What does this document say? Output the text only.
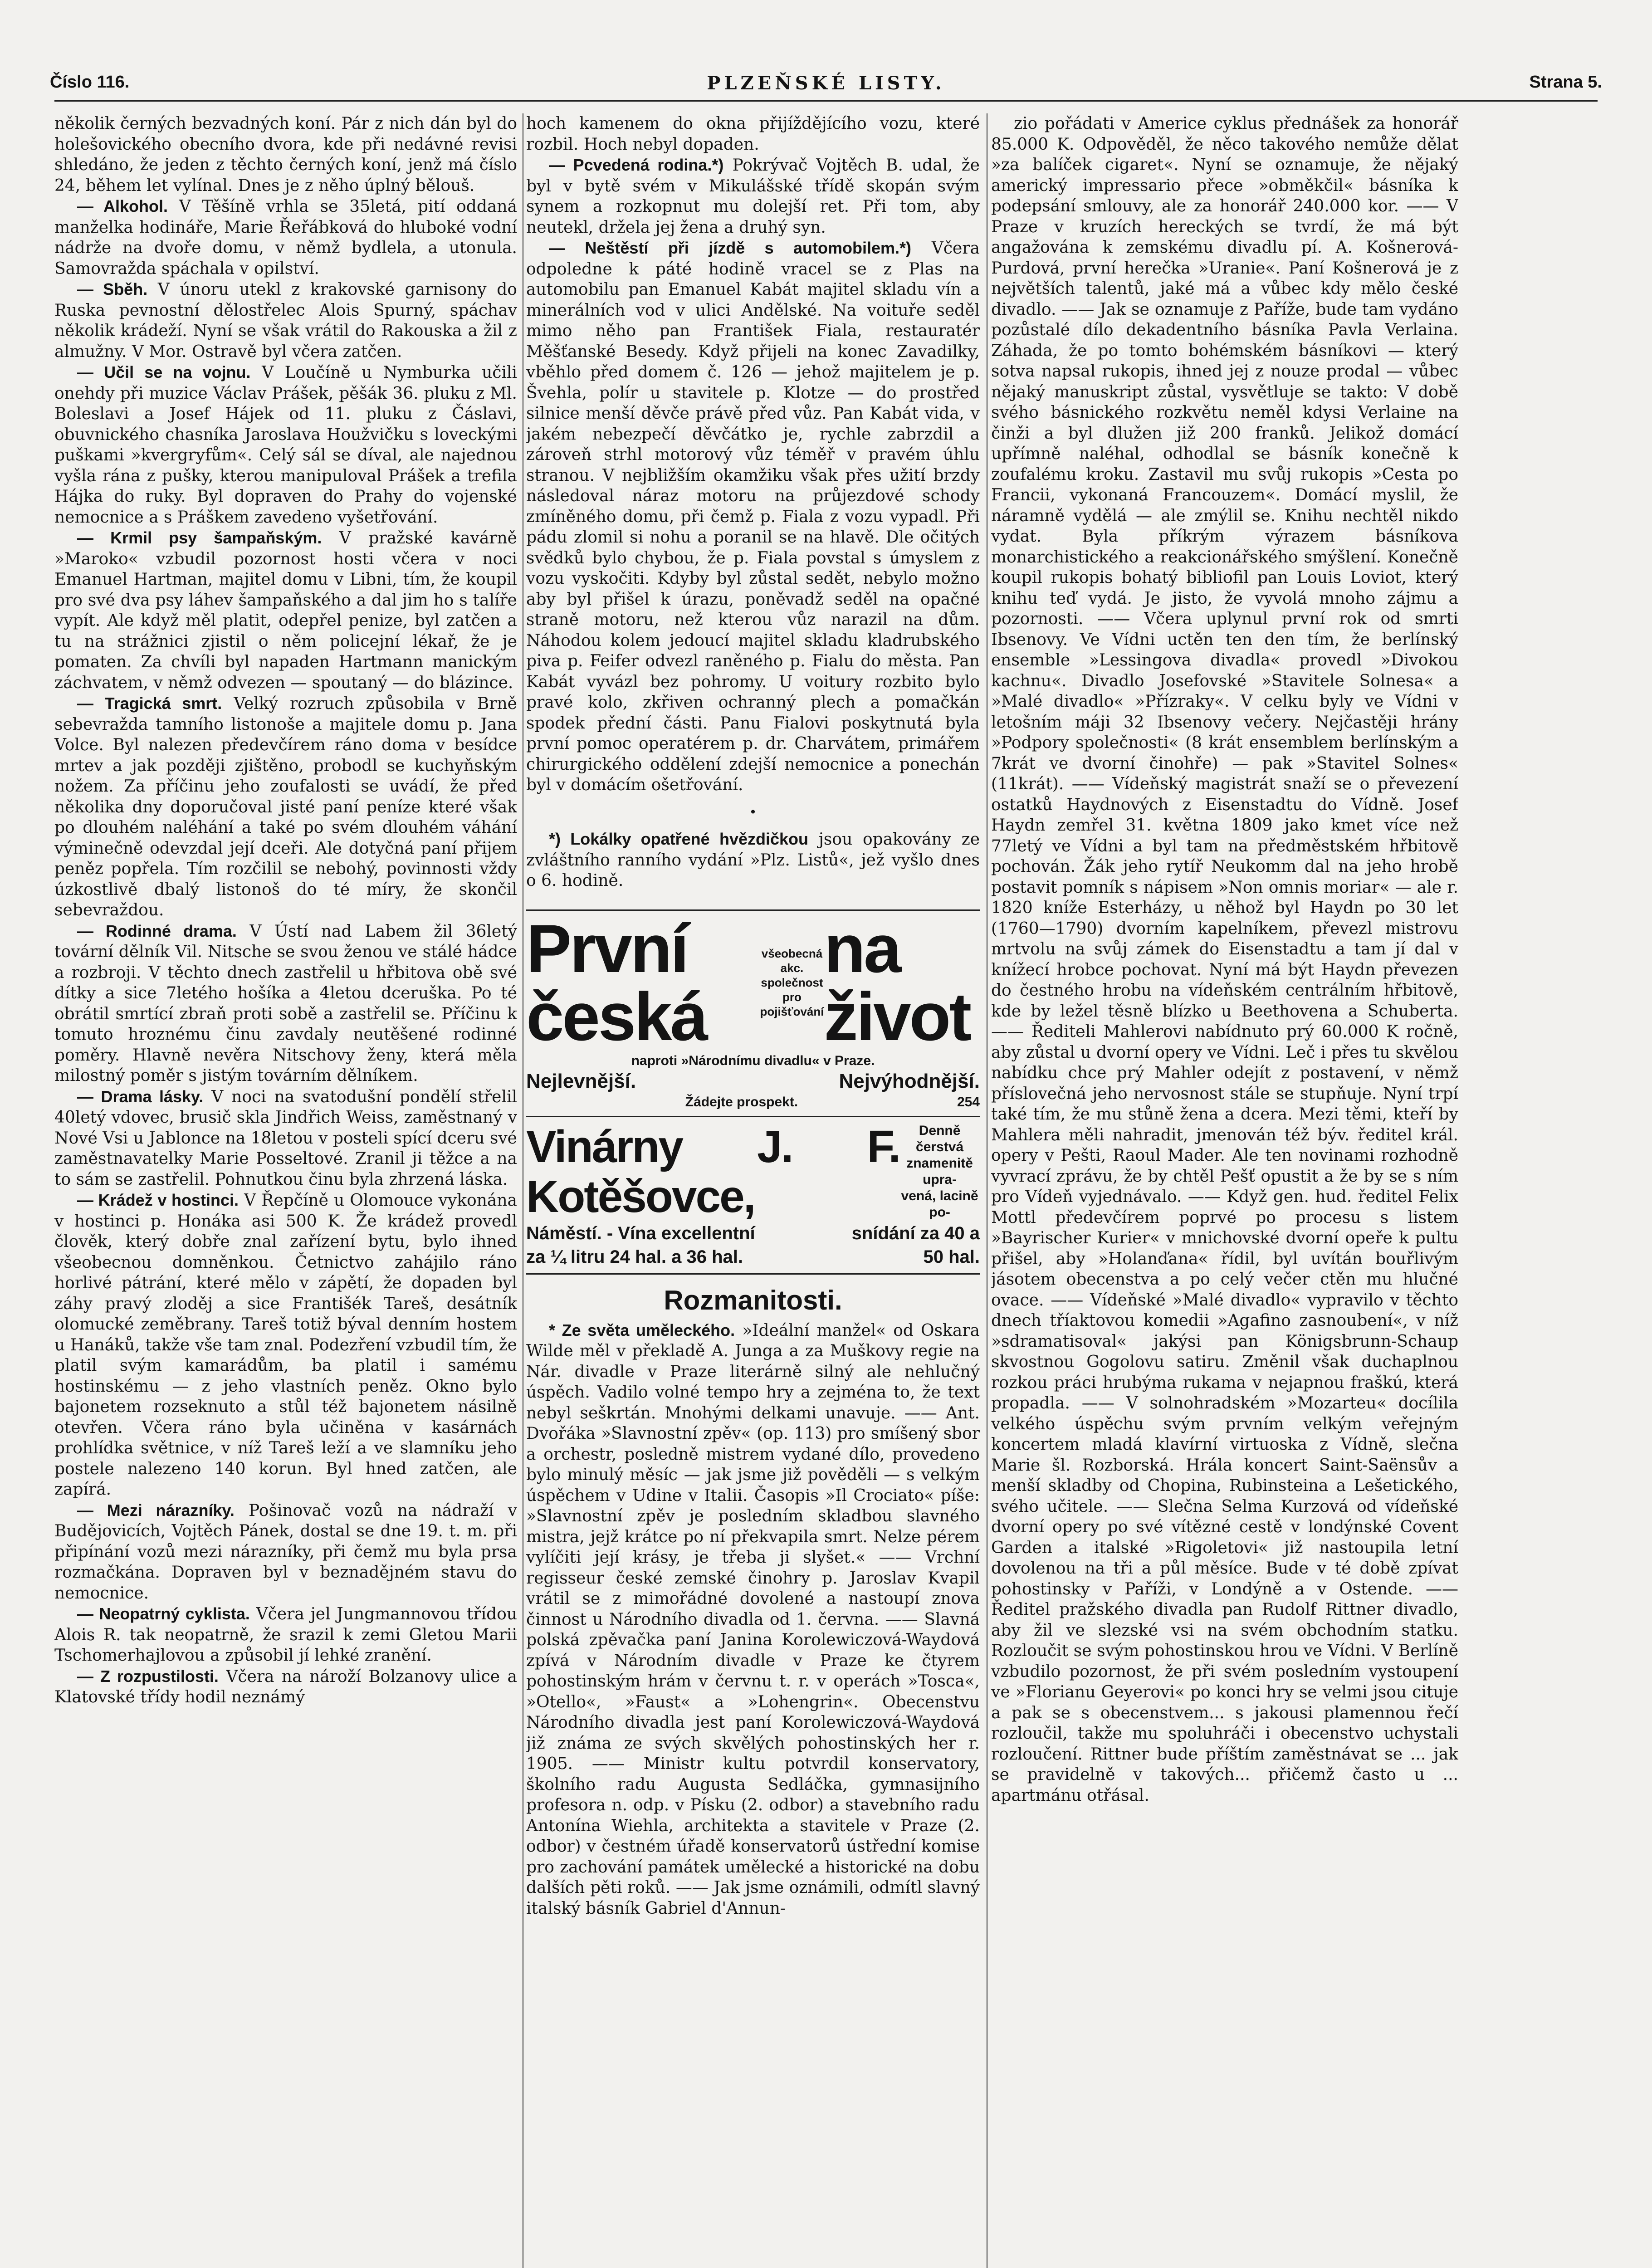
Číslo 116.	PLZEŇSKÉ LISTY.	Strana 5.

několik černých bezvadných koní. Pár z nich dán byl do holešovického obecního dvora, kde při nedávné revisi shledáno, že jeden z těchto černých koní, jenž má číslo 24, během let vylínal. Dnes je z něho úplný bělouš.

— Alkohol. V Těšíně vrhla se 35letá, pití oddaná manželka hodináře, Marie Řeřábková do hluboké vodní nádrže na dvoře domu, v němž bydlela, a utonula. Samovražda spáchala v opilství.

— Sběh. V únoru utekl z krakovské garnisony do Ruska pevnostní dělostřelec Alois Spurný, spáchav několik krádeží. Nyní se však vrátil do Rakouska a žil z almužny. V Mor. Ostravě byl včera zatčen.

— Učil se na vojnu. V Loučíně u Nymburka učili onehdy při muzice Václav Prášek, pěšák 36. pluku z Ml. Boleslavi a Josef Hájek od 11. pluku z Čáslavi, obuvnického chasníka Jaroslava Houžvičku s loveckými puškami »kvergryfům«. Celý sál se díval, ale najednou vyšla rána z pušky, kterou manipuloval Prášek a trefila Hájka do ruky. Byl dopraven do Prahy do vojenské nemocnice a s Práškem zavedeno vyšetřování.

— Krmil psy šampaňským. V pražské kavárně »Maroko« vzbudil pozornost hosti včera v noci Emanuel Hartman, majitel domu v Libni, tím, že koupil pro své dva psy láhev šampaňského a dal jim ho s talíře vypít. Ale když měl platit, odepřel penize, byl zatčen a tu na strážnici zjistil o něm policejní lékař, že je pomaten. Za chvíli byl napaden Hartmann manickým záchvatem, v němž odvezen — spoutaný — do blázince.

— Tragická smrt. Velký rozruch způsobila v Brně sebevražda tamního listonoše a majitele domu p. Jana Volce. Byl nalezen předevčírem ráno doma v besídce mrtev a jak později zjištěno, probodl se kuchyňským nožem. Za příčinu jeho zoufalosti se uvádí, že před několika dny doporučoval jisté paní peníze které však po dlouhém naléhání a také po svém dlouhém váhání výminečně odevzdal její dceři. Ale dotyčná paní přijem peněz popřela. Tím rozčilil se nebohý, povinnosti vždy úzkostlivě dbalý listonoš do té míry, že skončil sebevraždou.

— Rodinné drama. V Ústí nad Labem žil 36letý tovární dělník Vil. Nitsche se svou ženou ve stálé hádce a rozbroji. V těchto dnech zastřelil u hřbitova obě své dítky a sice 7letého hošíka a 4letou dceruška. Po té obrátil smrtící zbraň proti sobě a zastřelil se. Příčinu k tomuto hroznému činu zavdaly neutěšené rodinné poměry. Hlavně nevěra Nitschovy ženy, která měla milostný poměr s jistým továrním dělníkem.

— Drama lásky. V noci na svatodušní pondělí střelil 40letý vdovec, brusič skla Jindřich Weiss, zaměstnaný v Nové Vsi u Jablonce na 18letou v posteli spící dceru své zaměstnavatelky Marie Posseltové. Zranil ji těžce a na to sám se zastřelil. Pohnutkou činu byla zhrzená láska.

— Krádež v hostinci. V Řepčíně u Olomouce vykonána v hostinci p. Honáka asi 500 K. Že krádež provedl člověk, který dobře znal zařízení bytu, bylo ihned všeobecnou domněnkou. Četnictvo zahájilo ráno horlivé pátrání, které mělo v zápětí, že dopaden byl záhy pravý zloděj a sice Františék Tareš, desátník olomucké zeměbrany. Tareš totiž býval denním hostem u Hanáků, takže vše tam znal. Podezření vzbudil tím, že platil svým kamarádům, ba platil i samému hostinskému — z jeho vlastních peněz. Okno bylo bajonetem rozseknuto a stůl též bajonetem násilně otevřen. Včera ráno byla učiněna v kasárnách prohlídka světnice, v níž Tareš leží a ve slamníku jeho postele nalezeno 140 korun. Byl hned zatčen, ale zapírá.

— Mezi nárazníky. Pošinovač vozů na nádraží v Budějovicích, Vojtěch Pánek, dostal se dne 19. t. m. při připínání vozů mezi nárazníky, při čemž mu byla prsa rozmačkána. Dopraven byl v beznadějném stavu do nemocnice.

— Neopatrný cyklista. Včera jel Jungmannovou třídou Alois R. tak neopatrně, že srazil k zemi Gletou Marii Tschomerhajlovou a způsobil jí lehké zranění.

— Z rozpustilosti. Včera na nároží Bolzanovy ulice a Klatovské třídy hodil neznámý

hoch kamenem do okna přijíždějícího vozu, které rozbil. Hoch nebyl dopaden.

— Pcvedená rodina.*) Pokrývač Vojtěch B. udal, že byl v bytě svém v Mikulášské třídě skopán svým synem a rozkopnut mu dolejší ret. Při tom, aby neutekl, držela jej žena a druhý syn.

— Neštěstí při jízdě s automobilem.*) Včera odpoledne k páté hodině vracel se z Plas na automobilu pan Emanuel Kabát majitel skladu vín a minerálních vod v ulici Andělské. Na voituře seděl mimo něho pan František Fiala, restauratér Měšťanské Besedy. Když přijeli na konec Zavadilky, vběhlo před domem č. 126 — jehož majitelem je p. Švehla, polír u stavitele p. Klotze — do prostřed silnice menší děvče právě před vůz. Pan Kabát vida, v jakém nebezpečí děvčátko je, rychle zabrzdil a zároveň strhl motorový vůz téměř v pravém úhlu stranou. V nejbližším okamžiku však přes užití brzdy následoval náraz motoru na průjezdové schody zmíněného domu, při čemž p. Fiala z vozu vypadl. Při pádu zlomil si nohu a poranil se na hlavě. Dle očitých svědků bylo chybou, že p. Fiala povstal s úmyslem z vozu vyskočiti. Kdyby byl zůstal sedět, nebylo možno aby byl přišel k úrazu, poněvadž seděl na opačné straně motoru, než kterou vůz narazil na dům. Náhodou kolem jedoucí majitel skladu kladrubského piva p. Feifer odvezl raněného p. Fialu do města. Pan Kabát vyvázl bez pohromy. U voitury rozbito bylo pravé kolo, zkřiven ochranný plech a pomačkán spodek přední části. Panu Fialovi poskytnutá byla první pomoc operatérem p. dr. Charvátem, primářem chirurgického oddělení zdejší nemocnice a ponechán byl v domácím ošetřování.

•

*) Lokálky opatřené hvězdičkou jsou opakovány ze zvláštního ranního vydání »Plz. Listů«, jež vyšlo dnes o 6. hodině.

První česká
všeobecná akc.
společnost
pro pojišťování
na život
naproti »Národnímu divadlu« v Praze.
Nejlevnější.	Nejvýhodnější.
Žádejte prospekt.	254
Vinárny J. F. Kotěšovce,
Denně čerstvá
znamenitě upra-
vená, lacině po-
Náměstí. - Vína excellentní	snídání za 40 a
za ¼ litru 24 hal. a 36 hal.	50 hal.
Rozmanitosti.

* Ze světa uměleckého. »Ideální manžel« od Oskara Wilde měl v překladě A. Junga a za Muškovy regie na Nár. divadle v Praze literárně silný ale nehlučný úspěch. Vadilo volné tempo hry a zejména to, že text nebyl seškrtán. Mnohými delkami unavuje. —— Ant. Dvořáka »Slavnostní zpěv« (op. 113) pro smíšený sbor a orchestr, posledně mistrem vydané dílo, provedeno bylo minulý měsíc — jak jsme již pověděli — s velkým úspěchem v Udine v Italii. Časopis »Il Crociato« píše: »Slavnostní zpěv je posledním skladbou slavného mistra, jejž krátce po ní překvapila smrt. Nelze pérem vylíčiti její krásy, je třeba ji slyšet.« —— Vrchní regisseur české zemské činohry p. Jaroslav Kvapil vrátil se z mimořádné dovolené a nastoupí znova činnost u Národního divadla od 1. června. —— Slavná polská zpěvačka paní Janina Korolewiczová-Waydová zpívá v Národním divadle v Praze ke čtyrem pohostinským hrám v červnu t. r. v operách »Tosca«, »Otello«, »Faust« a »Lohengrin«. Obecenstvu Národního divadla jest paní Korolewiczová-Waydová již známa ze svých skvělých pohostinských her r. 1905. —— Ministr kultu potvrdil konservatory, školního radu Augusta Sedláčka, gymnasijního profesora n. odp. v Písku (2. odbor) a stavebního radu Antonína Wiehla, architekta a stavitele v Praze (2. odbor) v čestném úřadě konservatorů ústřední komise pro zachování památek umělecké a historické na dobu dalších pěti roků. —— Jak jsme oznámili, odmítl slavný italský básník Gabriel d'Annun-

zio pořádati v Americe cyklus přednášek za honorář 85.000 K. Odpověděl, že něco takového nemůže dělat »za balíček cigaret«. Nyní se oznamuje, že nějaký americký impressario přece »obměkčil« básníka k podepsání smlouvy, ale za honorář 240.000 kor. —— V Praze v kruzích hereckých se tvrdí, že má být angažována k zemskému divadlu pí. A. Košnerová-Purdová, první herečka »Uranie«. Paní Košnerová je z největších talentů, jaké má a vůbec kdy mělo české divadlo. —— Jak se oznamuje z Paříže, bude tam vydáno pozůstalé dílo dekadentního básníka Pavla Verlaina. Záhada, že po tomto bohémském básníkovi — který sotva napsal rukopis, ihned jej z nouze prodal — vůbec nějaký manuskript zůstal, vysvětluje se takto: V době svého básnického rozkvětu neměl kdysi Verlaine na činži a byl dlužen již 200 franků. Jelikož domácí upřímně naléhal, odhodlal se básník konečně k zoufalému kroku. Zastavil mu svůj rukopis »Cesta po Francii, vykonaná Francouzem«. Domácí myslil, že náramně vydělá — ale zmýlil se. Knihu nechtěl nikdo vydat. Byla příkrým výrazem básníkova monarchistického a reakcionářského smýšlení. Konečně koupil rukopis bohatý bibliofil pan Louis Loviot, který knihu teď vydá. Je jisto, že vyvolá mnoho zájmu a pozornosti. —— Včera uplynul první rok od smrti Ibsenovy. Ve Vídni uctěn ten den tím, že berlínský ensemble »Lessingova divadla« provedl »Divokou kachnu«. Divadlo Josefovské »Stavitele Solnesa« a »Malé divadlo« »Přízraky«. V celku byly ve Vídni v letošním máji 32 Ibsenovy večery. Nejčastěji hrány »Podpory společnosti« (8 krát ensemblem berlínským a 7krát ve dvorní činohře) — pak »Stavitel Solnes« (11krát). —— Vídeňský magistrát snaží se o převezení ostatků Haydnových z Eisenstadtu do Vídně. Josef Haydn zemřel 31. května 1809 jako kmet více než 77letý ve Vídni a byl tam na předměstském hřbitově pochován. Žák jeho rytíř Neukomm dal na jeho hrobě postavit pomník s nápisem »Non omnis moriar« — ale r. 1820 kníže Esterházy, u něhož byl Haydn po 30 let (1760—1790) dvorním kapelníkem, převezl mistrovu mrtvolu na svůj zámek do Eisenstadtu a tam jí dal v knížecí hrobce pochovat. Nyní má být Haydn převezen do čestného hrobu na vídeňském centrálním hřbitově, kde by ležel těsně blízko u Beethovena a Schuberta. —— Řediteli Mahlerovi nabídnuto prý 60.000 K ročně, aby zůstal u dvorní opery ve Vídni. Leč i přes tu skvělou nabídku chce prý Mahler odejít z postavení, v němž příslovečná jeho nervosnost stále se stupňuje. Nyní trpí také tím, že mu stůně žena a dcera. Mezi těmi, kteří by Mahlera měli nahradit, jmenován též býv. ředitel král. opery v Pešti, Raoul Mader. Ale ten novinami rozhodně vyvrací zprávu, že by chtěl Pešť opustit a že by se s ním pro Vídeň vyjednávalo. —— Když gen. hud. ředitel Felix Mottl předevčírem poprvé po procesu s listem »Bayrischer Kurier« v mnichovské dvorní opeře k pultu přišel, aby »Holanďana« řídil, byl uvítán bouřlivým jásotem obecenstva a po celý večer ctěn mu hlučné ovace. —— Vídeňské »Malé divadlo« vypravilo v těchto dnech tříaktovou komedii »Agafino zasnoubení«, v níž »sdramatisoval« jakýsi pan Königsbrunn-Schaup skvostnou Gogolovu satiru. Změnil však duchaplnou rozkou práci hrubýma rukama v nejapnou fraškú, která propadla. —— V solnohradském »Mozarteu« docílila velkého úspěchu svým prvním velkým veřejným koncertem mladá klavírní virtuoska z Vídně, slečna Marie šl. Rozborská. Hrála koncert Saint-Saënsův a menší skladby od Chopina, Rubinsteina a Lešetického, svého učitele. —— Slečna Selma Kurzová od vídeňské dvorní opery po své vítězné cestě v londýnské Covent Garden a italské »Rigoletovi« již nastoupila letní dovolenou na tři a půl měsíce. Bude v té době zpívat pohostinsky v Paříži, v Londýně a v Ostende. —— Ředitel pražského divadla pan Rudolf Rittner divadlo, aby žil ve slezské vsi na svém obchodním statku. Rozloučit se svým pohostinskou hrou ve Vídni. V Berlíně vzbudilo pozornost, že při svém posledním vystoupení ve »Florianu Geyerovi« po konci hry se velmi jsou cituje a pak se s obecenstvem... s jakousi plamennou řečí rozloučil, takže mu spoluhráči i obecenstvo uchystali rozloučení. Rittner bude příštím zaměstnávat se ... jak se pravidelně v takových... přičemž často u ... apartmánu otřásal.
